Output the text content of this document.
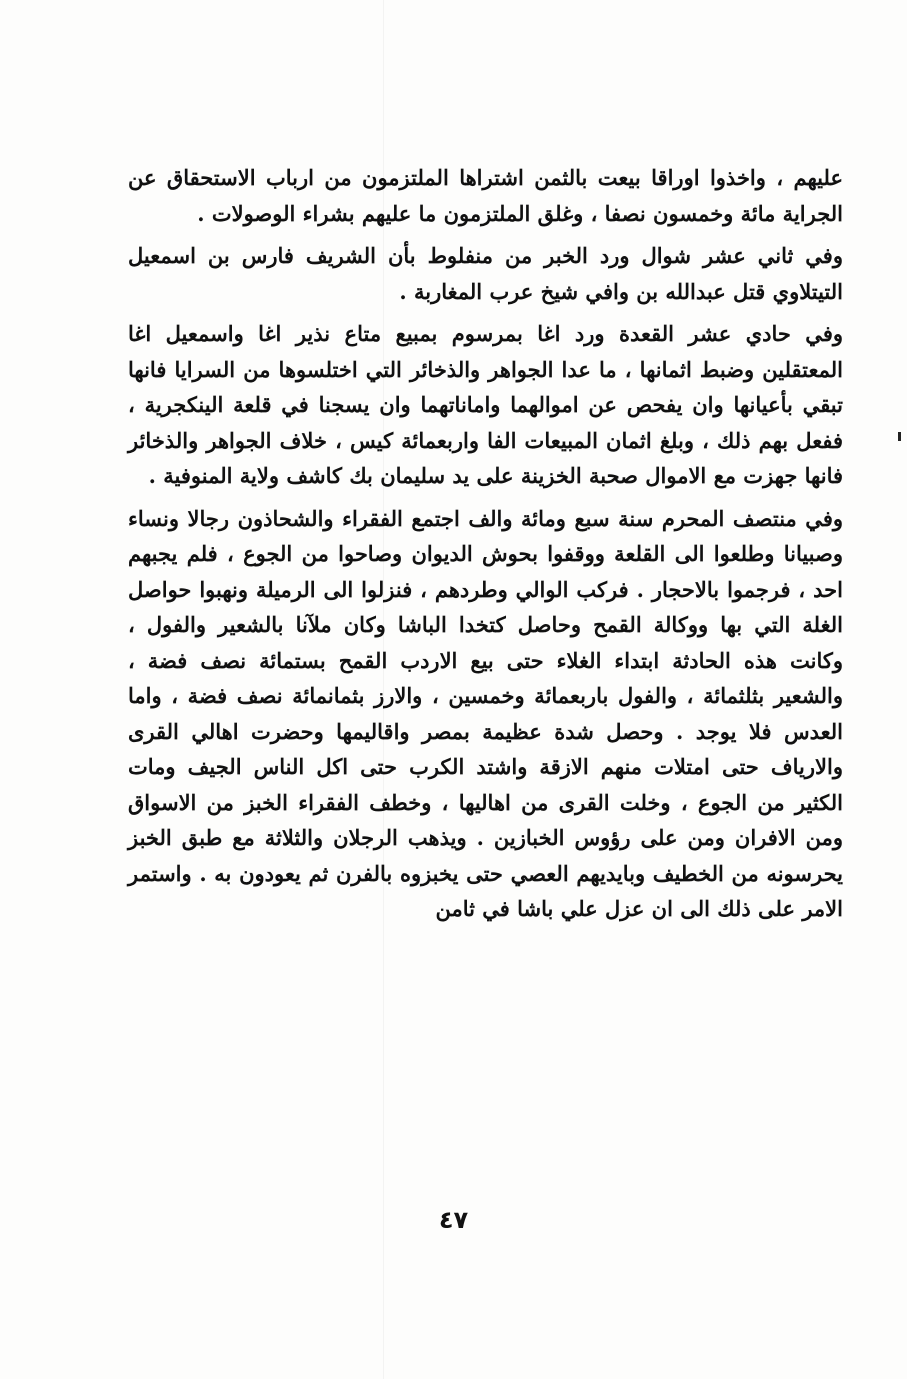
عليهم ، واخذوا اوراقا بيعت بالثمن اشتراها الملتزمون من ارباب الاستحقاق عن الجراية مائة وخمسون نصفا ، وغلق الملتزمون ما عليهم بشراء الوصولات .

وفي ثاني عشر شوال ورد الخبر من منفلوط بأن الشريف فارس بن اسمعيل التيتلاوي قتل عبدالله بن وافي شيخ عرب المغاربة .

وفي حادي عشر القعدة ورد اغا بمرسوم بمبيع متاع نذير اغا واسمعيل اغا المعتقلين وضبط اثمانها ، ما عدا الجواهر والذخائر التي اختلسوها من السرايا فانها تبقي بأعيانها وان يفحص عن اموالهما واماناتهما وان يسجنا في قلعة الينكجرية ، ففعل بهم ذلك ، وبلغ اثمان المبيعات الفا واربعمائة كيس ، خلاف الجواهر والذخائر فانها جهزت مع الاموال صحبة الخزينة على يد سليمان بك كاشف ولاية المنوفية .

وفي منتصف المحرم سنة سبع ومائة والف اجتمع الفقراء والشحاذون رجالا ونساء وصبيانا وطلعوا الى القلعة ووقفوا بحوش الديوان وصاحوا من الجوع ، فلم يجبهم احد ، فرجموا بالاحجار . فركب الوالي وطردهم ، فنزلوا الى الرميلة ونهبوا حواصل الغلة التي بها ووكالة القمح وحاصل كتخدا الباشا وكان ملآنا بالشعير والفول ، وكانت هذه الحادثة ابتداء الغلاء حتى بيع الاردب القمح بستمائة نصف فضة ، والشعير بثلثمائة ، والفول باربعمائة وخمسين ، والارز بثمانمائة نصف فضة ، واما العدس فلا يوجد . وحصل شدة عظيمة بمصر واقاليمها وحضرت اهالي القرى والارياف حتى امتلات منهم الازقة واشتد الكرب حتى اكل الناس الجيف ومات الكثير من الجوع ، وخلت القرى من اهاليها ، وخطف الفقراء الخبز من الاسواق ومن الافران ومن على رؤوس الخبازين . ويذهب الرجلان والثلاثة مع طبق الخبز يحرسونه من الخطيف وبايديهم العصي حتى يخبزوه بالفرن ثم يعودون به . واستمر الامر على ذلك الى ان عزل علي باشا في ثامن

٤٧
